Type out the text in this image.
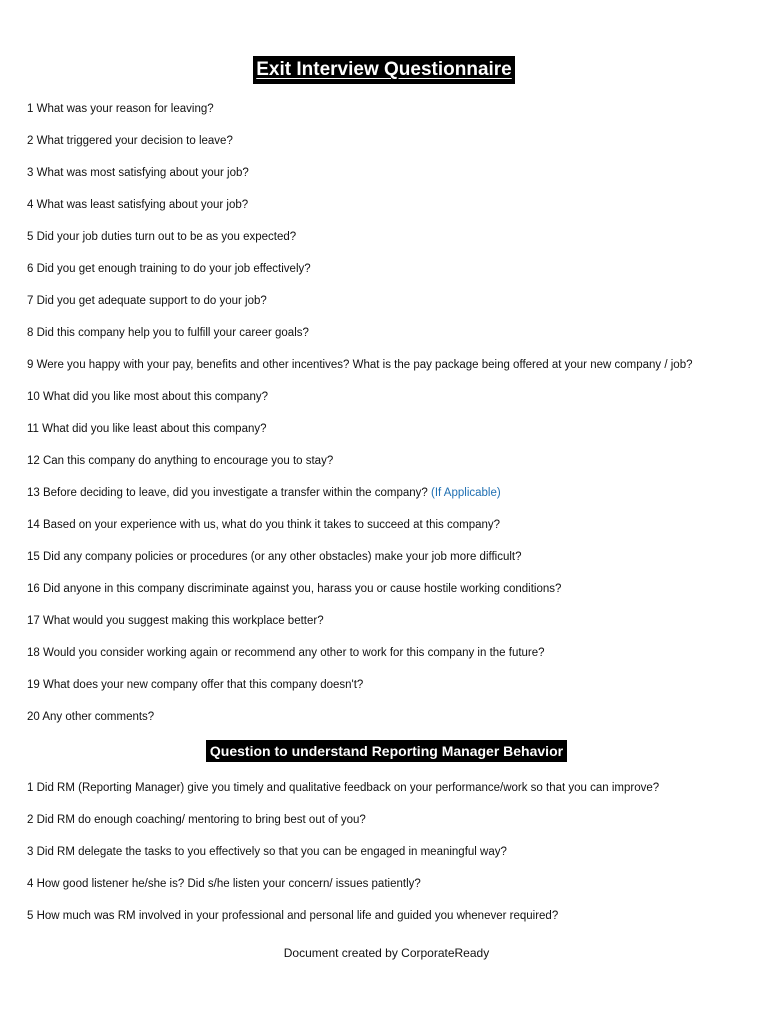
Exit Interview Questionnaire
1 What was your reason for leaving?
2 What triggered your decision to leave?
3 What was most satisfying about your job?
4 What was least satisfying about your job?
5 Did your job duties turn out to be as you expected?
6 Did you get enough training to do your job effectively?
7 Did you get adequate support to do your job?
8 Did this company help you to fulfill your career goals?
9 Were you happy with your pay, benefits and other incentives? What is the pay package being offered at your new company / job?
10 What did you like most about this company?
11 What did you like least about this company?
12 Can this company do anything to encourage you to stay?
13 Before deciding to leave, did you investigate a transfer within the company? (If Applicable)
14 Based on your experience with us, what do you think it takes to succeed at this company?
15 Did any company policies or procedures (or any other obstacles) make your job more difficult?
16 Did anyone in this company discriminate against you, harass you or cause hostile working conditions?
17 What would you suggest making this workplace better?
18 Would you consider working again or recommend any other to work for this company in the future?
19 What does your new company offer that this company doesn't?
20 Any other comments?
Question to understand Reporting Manager Behavior
1 Did RM (Reporting Manager) give you timely and qualitative feedback on your performance/work so that you can improve?
2 Did RM do enough coaching/ mentoring to bring best out of you?
3 Did RM delegate the tasks to you effectively so that you can be engaged in meaningful way?
4 How good listener he/she is? Did s/he listen your concern/ issues patiently?
5 How much was RM involved in your professional and personal life and guided you whenever required?
Document created by CorporateReady
